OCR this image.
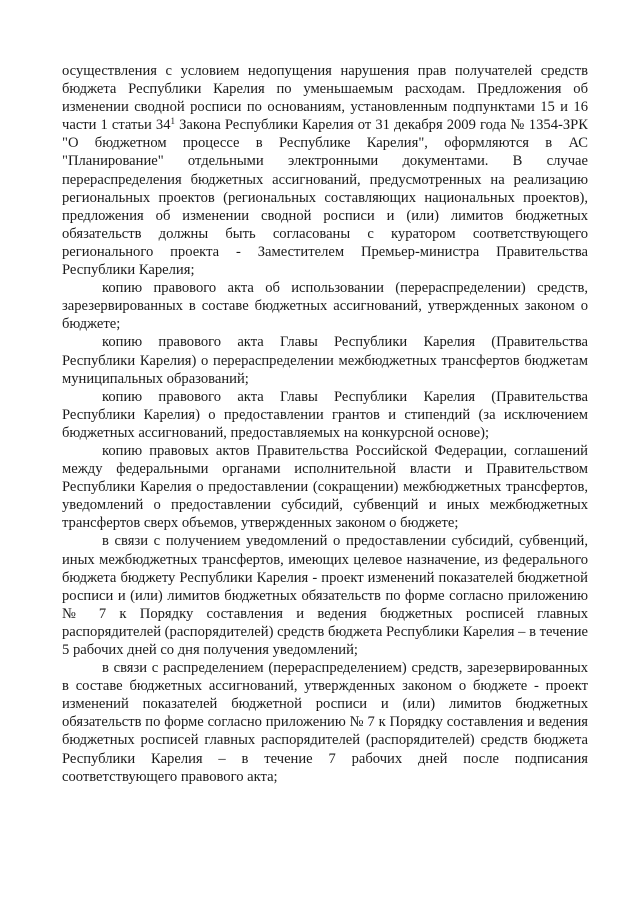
осуществления с условием недопущения нарушения прав получателей средств бюджета Республики Карелия по уменьшаемым расходам. Предложения об изменении сводной росписи по основаниям, установленным подпунктами 15 и 16 части 1 статьи $34^1$ Закона Республики Карелия от 31 декабря 2009 года № 1354-ЗРК "О бюджетном процессе в Республике Карелия", оформляются в АС "Планирование" отдельными электронными документами. В случае перераспределения бюджетных ассигнований, предусмотренных на реализацию региональных проектов (региональных составляющих национальных проектов), предложения об изменении сводной росписи и (или) лимитов бюджетных обязательств должны быть согласованы с куратором соответствующего регионального проекта - Заместителем Премьер-министра Правительства Республики Карелия;

копию правового акта об использовании (перераспределении) средств, зарезервированных в составе бюджетных ассигнований, утвержденных законом о бюджете;

копию правового акта Главы Республики Карелия (Правительства Республики Карелия) о перераспределении межбюджетных трансфертов бюджетам муниципальных образований;

копию правового акта Главы Республики Карелия (Правительства Республики Карелия) о предоставлении грантов и стипендий (за исключением бюджетных ассигнований, предоставляемых на конкурсной основе);

копию правовых актов Правительства Российской Федерации, соглашений между федеральными органами исполнительной власти и Правительством Республики Карелия о предоставлении (сокращении) межбюджетных трансфертов, уведомлений о предоставлении субсидий, субвенций и иных межбюджетных трансфертов сверх объемов, утвержденных законом о бюджете;

в связи с получением уведомлений о предоставлении субсидий, субвенций, иных межбюджетных трансфертов, имеющих целевое назначение, из федерального бюджета бюджету Республики Карелия - проект изменений показателей бюджетной росписи и (или) лимитов бюджетных обязательств по форме согласно приложению № 7 к Порядку составления и ведения бюджетных росписей главных распорядителей (распорядителей) средств бюджета Республики Карелия – в течение 5 рабочих дней со дня получения уведомлений;

в связи с распределением (перераспределением) средств, зарезервированных в составе бюджетных ассигнований, утвержденных законом о бюджете - проект изменений показателей бюджетной росписи и (или) лимитов бюджетных обязательств по форме согласно приложению № 7 к Порядку составления и ведения бюджетных росписей главных распорядителей (распорядителей) средств бюджета Республики Карелия – в течение 7 рабочих дней после подписания соответствующего правового акта;
